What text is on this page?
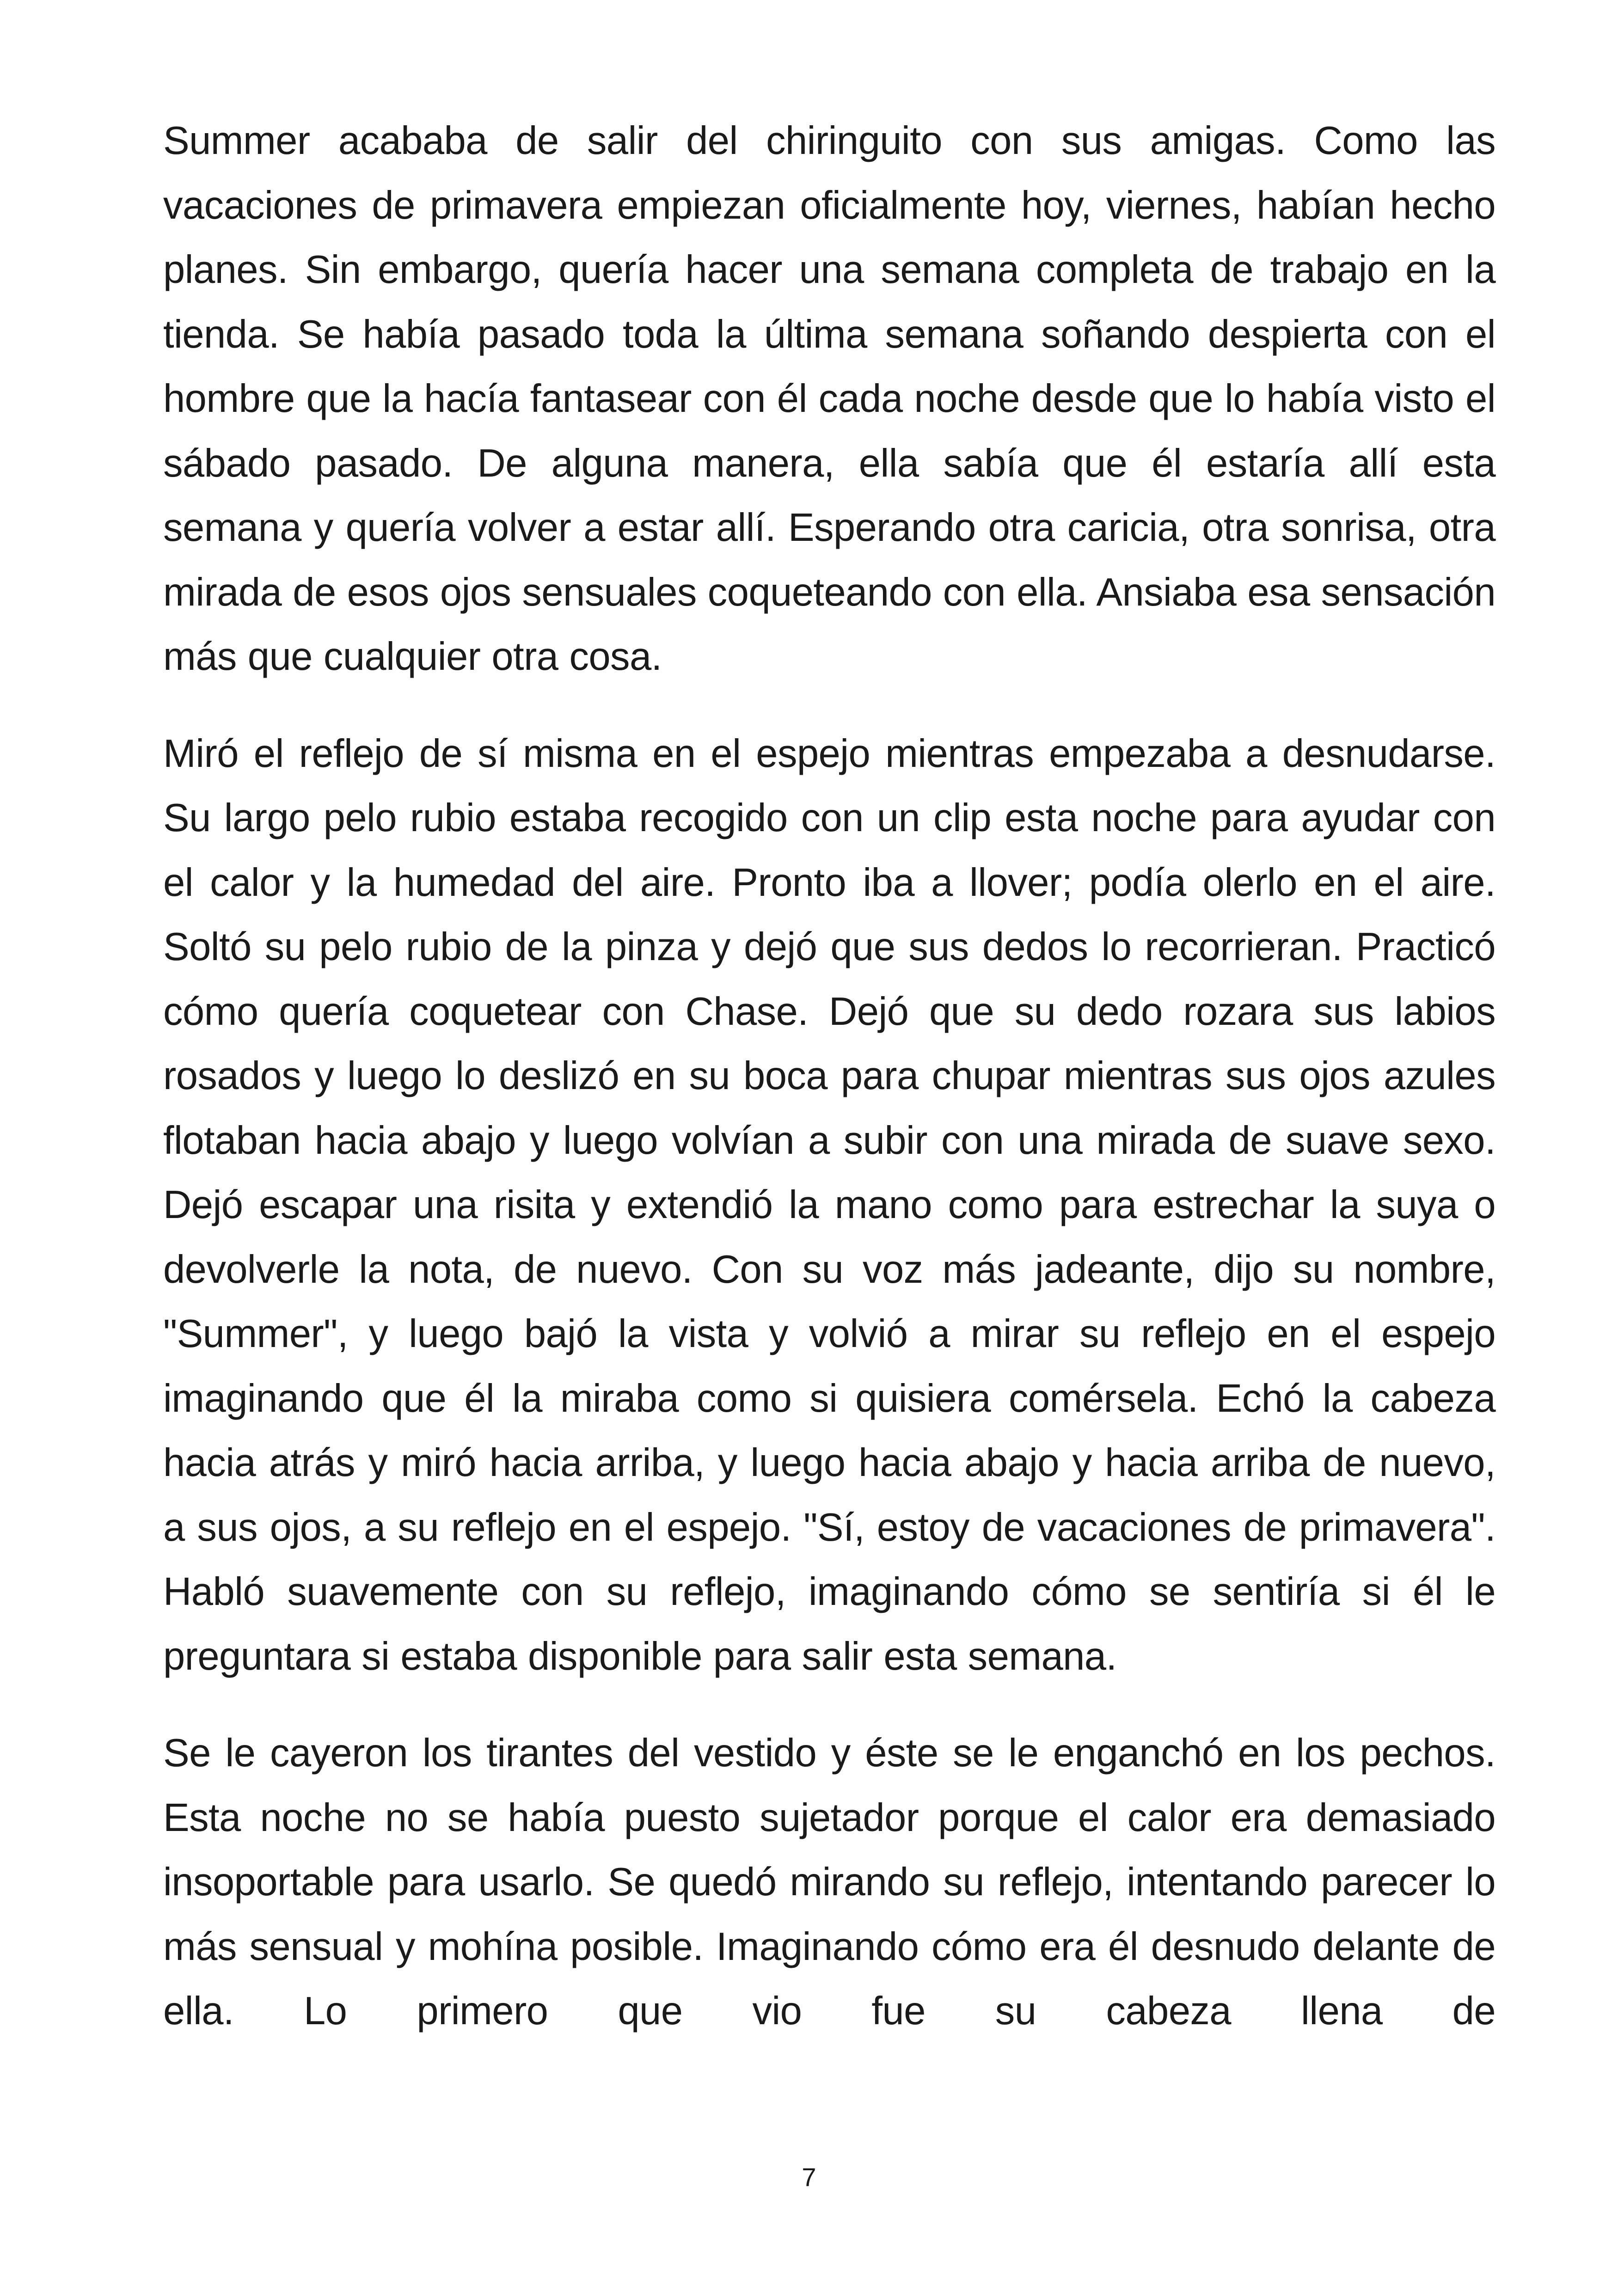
Summer acababa de salir del chiringuito con sus amigas. Como las vacaciones de primavera empiezan oficialmente hoy, viernes, habían hecho planes. Sin embargo, quería hacer una semana completa de trabajo en la tienda. Se había pasado toda la última semana soñando despierta con el hombre que la hacía fantasear con él cada noche desde que lo había visto el sábado pasado. De alguna manera, ella sabía que él estaría allí esta semana y quería volver a estar allí. Esperando otra caricia, otra sonrisa, otra mirada de esos ojos sensuales coqueteando con ella. Ansiaba esa sensación más que cualquier otra cosa.

Miró el reflejo de sí misma en el espejo mientras empezaba a desnudarse. Su largo pelo rubio estaba recogido con un clip esta noche para ayudar con el calor y la humedad del aire. Pronto iba a llover; podía olerlo en el aire. Soltó su pelo rubio de la pinza y dejó que sus dedos lo recorrieran. Practicó cómo quería coquetear con Chase. Dejó que su dedo rozara sus labios rosados y luego lo deslizó en su boca para chupar mientras sus ojos azules flotaban hacia abajo y luego volvían a subir con una mirada de suave sexo. Dejó escapar una risita y extendió la mano como para estrechar la suya o devolverle la nota, de nuevo. Con su voz más jadeante, dijo su nombre, "Summer", y luego bajó la vista y volvió a mirar su reflejo en el espejo imaginando que él la miraba como si quisiera comérsela. Echó la cabeza hacia atrás y miró hacia arriba, y luego hacia abajo y hacia arriba de nuevo, a sus ojos, a su reflejo en el espejo. "Sí, estoy de vacaciones de primavera". Habló suavemente con su reflejo, imaginando cómo se sentiría si él le preguntara si estaba disponible para salir esta semana.

Se le cayeron los tirantes del vestido y éste se le enganchó en los pechos. Esta noche no se había puesto sujetador porque el calor era demasiado insoportable para usarlo. Se quedó mirando su reflejo, intentando parecer lo más sensual y mohína posible. Imaginando cómo era él desnudo delante de ella. Lo primero que vio fue su cabeza llena de

7
